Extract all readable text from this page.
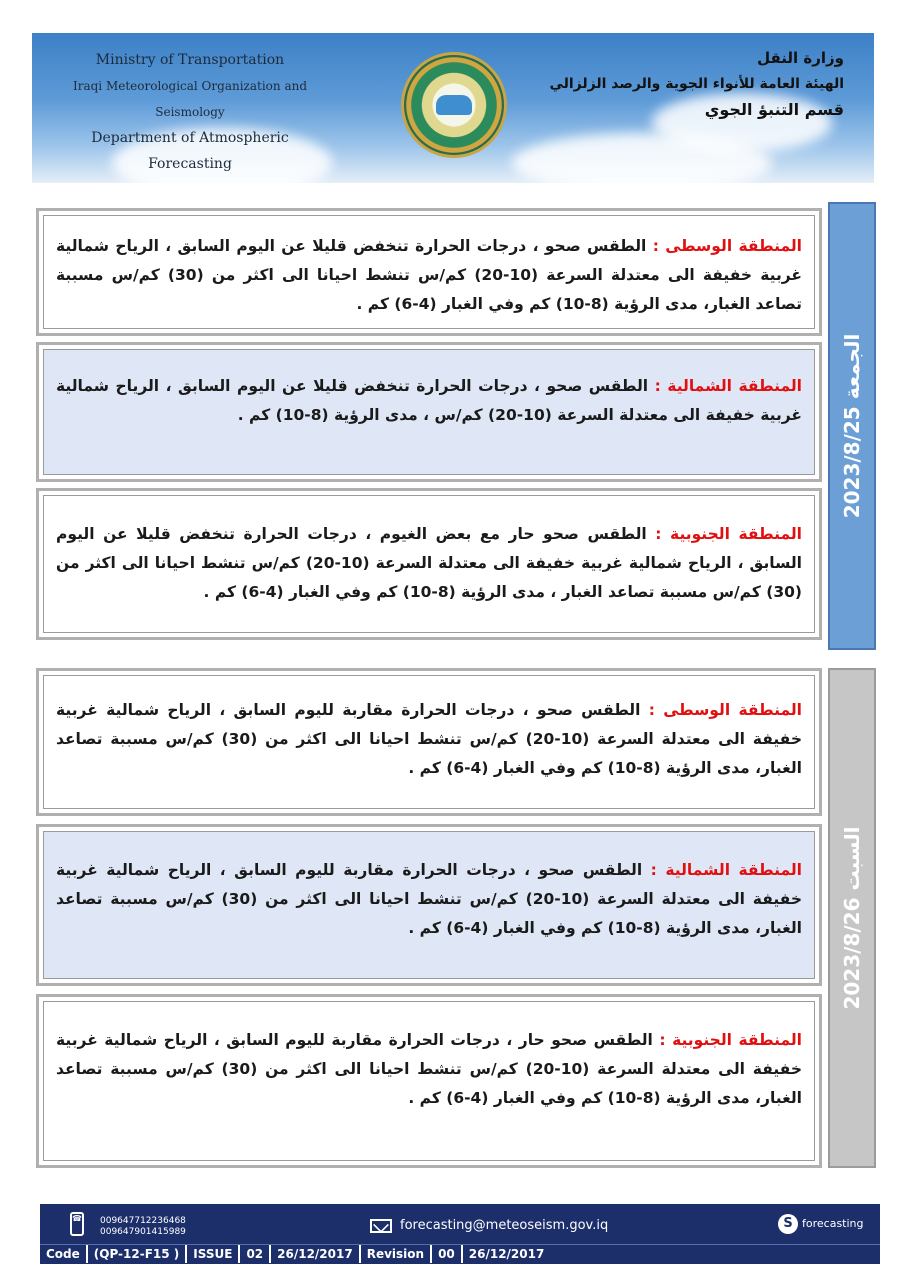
Ministry of Transportation
Iraqi Meteorological Organization and Seismology
Department of Atmospheric Forecasting
وزارة النقل
الهيئة العامة للأنواء الجوية والرصد الزلزالي
قسم التنبؤ الجوي
الجمعة 2023/8/25
المنطقة الوسطى : الطقس صحو ، درجات الحرارة تنخفض قليلا عن اليوم السابق ، الرياح شمالية غربية خفيفة الى معتدلة السرعة (10-20) كم/س تنشط احيانا الى اكثر من (30) كم/س مسببة تصاعد الغبار، مدى الرؤية (8-10) كم وفي الغبار (4-6) كم .
المنطقة الشمالية : الطقس صحو ، درجات الحرارة تنخفض قليلا عن اليوم السابق ، الرياح شمالية غربية خفيفة الى معتدلة السرعة (10-20) كم/س ، مدى الرؤية (8-10) كم .
المنطقة الجنوبية : الطقس صحو حار مع بعض الغيوم ، درجات الحرارة تنخفض قليلا عن اليوم السابق ، الرياح شمالية غربية خفيفة الى معتدلة السرعة (10-20) كم/س تنشط احيانا الى اكثر من (30) كم/س مسببة تصاعد الغبار ، مدى الرؤية (8-10) كم وفي الغبار (4-6) كم .
السبت 2023/8/26
المنطقة الوسطى : الطقس صحو ، درجات الحرارة مقاربة لليوم السابق ، الرياح شمالية غربية خفيفة الى معتدلة السرعة (10-20) كم/س تنشط احيانا الى اكثر من (30) كم/س مسببة تصاعد الغبار، مدى الرؤية (8-10) كم وفي الغبار (4-6) كم .
المنطقة الشمالية : الطقس صحو ، درجات الحرارة مقاربة لليوم السابق ، الرياح شمالية غربية خفيفة الى معتدلة السرعة (10-20) كم/س تنشط احيانا الى اكثر من (30) كم/س مسببة تصاعد الغبار، مدى الرؤية (8-10) كم وفي الغبار (4-6) كم .
المنطقة الجنوبية : الطقس صحو حار ، درجات الحرارة مقاربة لليوم السابق ، الرياح شمالية غربية خفيفة الى معتدلة السرعة (10-20) كم/س تنشط احيانا الى اكثر من (30) كم/س مسببة تصاعد الغبار، مدى الرؤية (8-10) كم وفي الغبار (4-6) كم .
☎ 009647712236468
009647901415989	forecasting@meteoseism.gov.iq	S forecasting
Code	(QP-12-F15 )	ISSUE	02	26/12/2017	Revision	00	26/12/2017
